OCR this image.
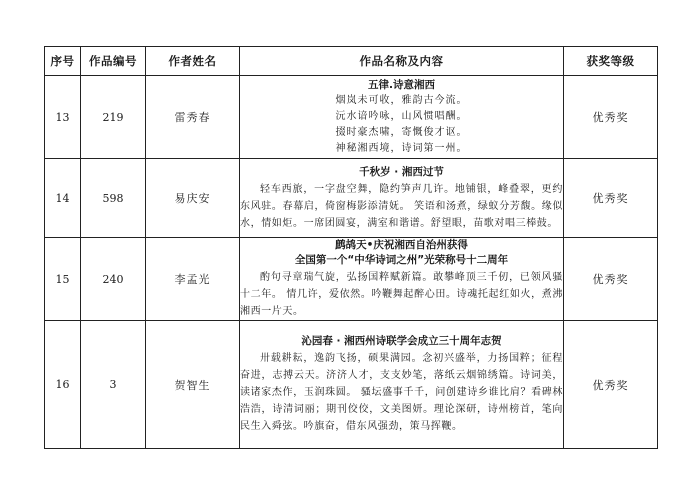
序号	作品编号	作者姓名	作品名称及内容	获奖等级
13	219	雷秀春	五律.诗意湘西
烟岚未可收，雅韵古今流。
沅水谙吟咏，山风惯唱酬。
掇时豪杰啸，寄慨俊才讴。
神秘湘西境，诗词第一州。	优秀奖
14	598	易庆安	千秋岁 · 湘西过节

轻车西旅，一字盘空舞，隐约笋声几许。地铺银，峰叠翠，更约东风驻。春幕启，倚窗梅影添清妩。 笑语和汤煮，绿蚁分芳馥。缘似水，情如炬。一席团圆宴，满室和谐谱。舒望眼，苗歌对唱三棒鼓。	优秀奖
15	240	李孟光	鹧鸪天•庆祝湘西自治州获得
全国第一个“中华诗词之州”光荣称号十二周年

酌句寻章瑞气旋，弘扬国粹赋新篇。敢攀峰顶三千仞，已领风骚十二年。 情几许，爱依然。吟鞭舞起醉心田。诗魂托起红如火，煮沸湘西一片天。	优秀奖
16	3	贺智生	沁园春 · 湘西州诗联学会成立三十周年志贺

卅载耕耘，逸韵飞扬，硕果满园。念初兴盛举，力扬国粹；征程奋进，志搏云天。济济人才，支支妙笔，落纸云烟锦绣篇。诗词美，读诸家杰作，玉润珠圆。 骚坛盛事千千，问创建诗乡谁比肩？看碑林浩浩，诗清词丽；期刊佼佼，文美图妍。理论深研，诗州榜首，笔向民生入舜弦。吟旗奋，借东风强劲，策马挥鞭。	优秀奖
